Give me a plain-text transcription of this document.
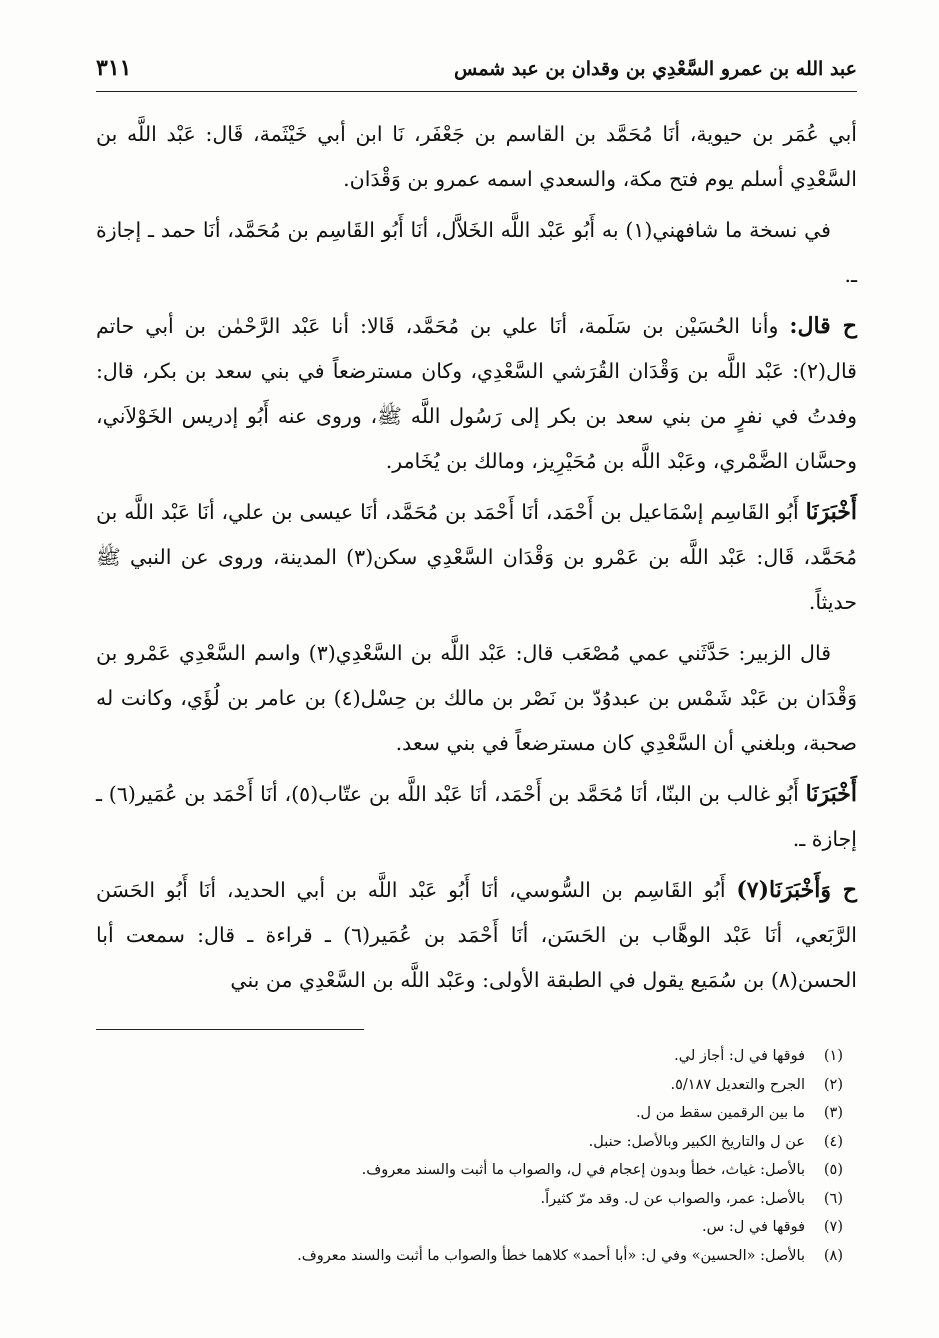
عبد الله بن عمرو السَّعْدِي بن وقدان بن عبد شمس
٣١١

أبي عُمَر بن حيوية، أنَا مُحَمَّد بن القاسم بن جَعْفَر، نَا ابن أبي خَيْثَمة، قَال: عَبْد اللَّه بن السَّعْدِي أسلم يوم فتح مكة، والسعدي اسمه عمرو بن وَقْدَان.

في نسخة ما شافهني(١) به أَبُو عَبْد اللَّه الخَلاَّل، أنَا أَبُو القَاسِم بن مُحَمَّد، أنَا حمد ـ إجازة ـ.

ح قال: وأنا الحُسَيْن بن سَلَمة، أنَا علي بن مُحَمَّد، قَالا: أنا عَبْد الرَّحْمٰن بن أبي حاتم قال(٢): عَبْد اللَّه بن وَقْدَان القُرَشي السَّعْدِي، وكان مسترضعاً في بني سعد بن بكر، قال: وفدتُ في نفرٍ من بني سعد بن بكر إلى رَسُول اللَّه ﷺ، وروى عنه أَبُو إدريس الخَوْلاَني، وحسَّان الضَّمْري، وعَبْد اللَّه بن مُحَيْرِيز، ومالك بن يُخَامر.

أَخْبَرَنَا أَبُو القَاسِم إسْمَاعيل بن أَحْمَد، أنَا أَحْمَد بن مُحَمَّد، أنَا عيسى بن علي، أنَا عَبْد اللَّه بن مُحَمَّد، قَال: عَبْد اللَّه بن عَمْرو بن وَقْدَان السَّعْدِي سكن(٣) المدينة، وروى عن النبي ﷺ حديثاً.

قال الزبير: حَدَّثَني عمي مُصْعَب قال: عَبْد اللَّه بن السَّعْدِي(٣) واسم السَّعْدِي عَمْرو بن وَقْدَان بن عَبْد شَمْس بن عبدوُدّ بن نَصْر بن مالك بن حِسْل(٤) بن عامر بن لُؤَي، وكانت له صحبة، وبلغني أن السَّعْدِي كان مسترضعاً في بني سعد.

أَخْبَرَنَا أَبُو غالب بن البنّا، أنَا مُحَمَّد بن أَحْمَد، أنَا عَبْد اللَّه بن عتّاب(٥)، أنَا أَحْمَد بن عُمَير(٦) ـ إجازة ـ.

ح وَأَخْبَرَنَا(٧) أَبُو القَاسِم بن السُّوسي، أنَا أَبُو عَبْد اللَّه بن أبي الحديد، أنَا أَبُو الحَسَن الرَّبَعي، أنَا عَبْد الوهَّاب بن الحَسَن، أنَا أَحْمَد بن عُمَير(٦) ـ قراءة ـ قال: سمعت أبا الحسن(٨) بن سُمَيع يقول في الطبقة الأولى: وعَبْد اللَّه بن السَّعْدِي من بني

(١)
فوقها في ل: أجاز لي.
(٢)
الجرح والتعديل ٥/١٨٧.
(٣)
ما بين الرقمين سقط من ل.
(٤)
عن ل والتاريخ الكبير وبالأصل: حنبل.
(٥)
بالأصل: غياث، خطأ وبدون إعجام في ل، والصواب ما أثبت والسند معروف.
(٦)
بالأصل: عمر، والصواب عن ل. وقد مرّ كثيراً.
(٧)
فوقها في ل: س.
(٨)
بالأصل: «الحسين» وفي ل: «أبا أحمد» كلاهما خطأ والصواب ما أثبت والسند معروف.
